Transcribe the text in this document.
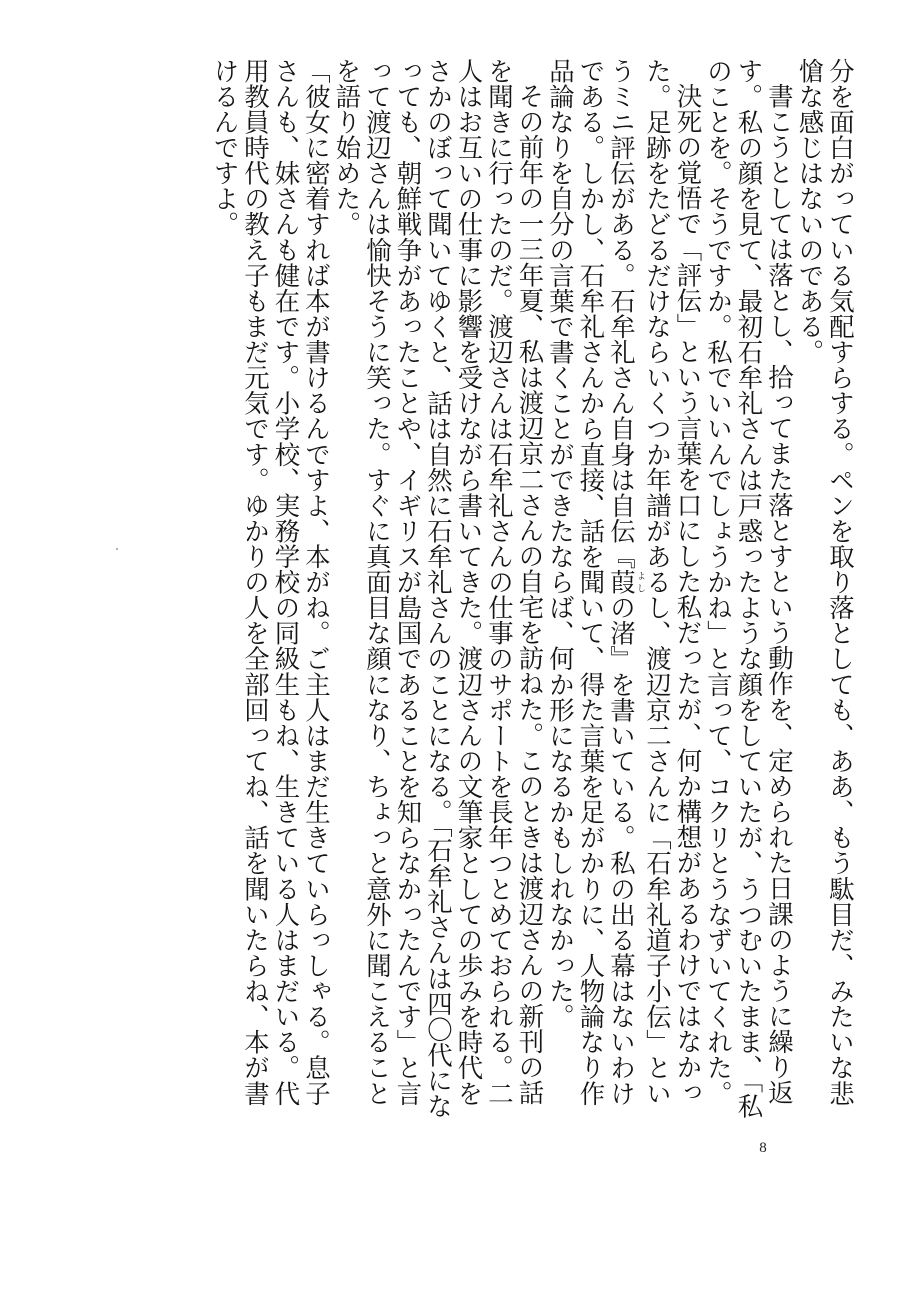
分を面白がっている気配すらする。ペンを取り落としても、ああ、もう駄目だ、みたいな悲愴な感じはないのである。

書こうとしては落とし、拾ってまた落とすという動作を、定められた日課のように繰り返す。私の顔を見て、最初石牟礼さんは戸惑ったような顔をしていたが、うつむいたまま、「私のことを。そうですか。私でいいんでしょうかね」と言って、コクリとうなずいてくれた。

決死の覚悟で「評伝」という言葉を口にした私だったが、何か構想があるわけではなかった。足跡をたどるだけならいくつか年譜があるし、渡辺京二さんに「石牟礼道子小伝」というミニ評伝がある。石牟礼さん自身は自伝『葭よしの渚』を書いている。私の出る幕はないわけである。しかし、石牟礼さんから直接、話を聞いて、得た言葉を足がかりに、人物論なり作品論なりを自分の言葉で書くことができたならば、何か形になるかもしれなかった。

その前年の一三年夏、私は渡辺京二さんの自宅を訪ねた。このときは渡辺さんの新刊の話を聞きに行ったのだ。渡辺さんは石牟礼さんの仕事のサポートを長年つとめておられる。二人はお互いの仕事に影響を受けながら書いてきた。渡辺さんの文筆家としての歩みを時代をさかのぼって聞いてゆくと、話は自然に石牟礼さんのことになる。「石牟礼さんは四〇代になっても、朝鮮戦争があったことや、イギリスが島国であることを知らなかったんです」と言って渡辺さんは愉快そうに笑った。すぐに真面目な顔になり、ちょっと意外に聞こえることを語り始めた。

「彼女に密着すれば本が書けるんですよ、本がね。ご主人はまだ生きていらっしゃる。息子さんも、妹さんも健在です。小学校、実務学校の同級生もね、生きている人はまだいる。代用教員時代の教え子もまだ元気です。ゆかりの人を全部回ってね、話を聞いたらね、本が書けるんですよ。

8
